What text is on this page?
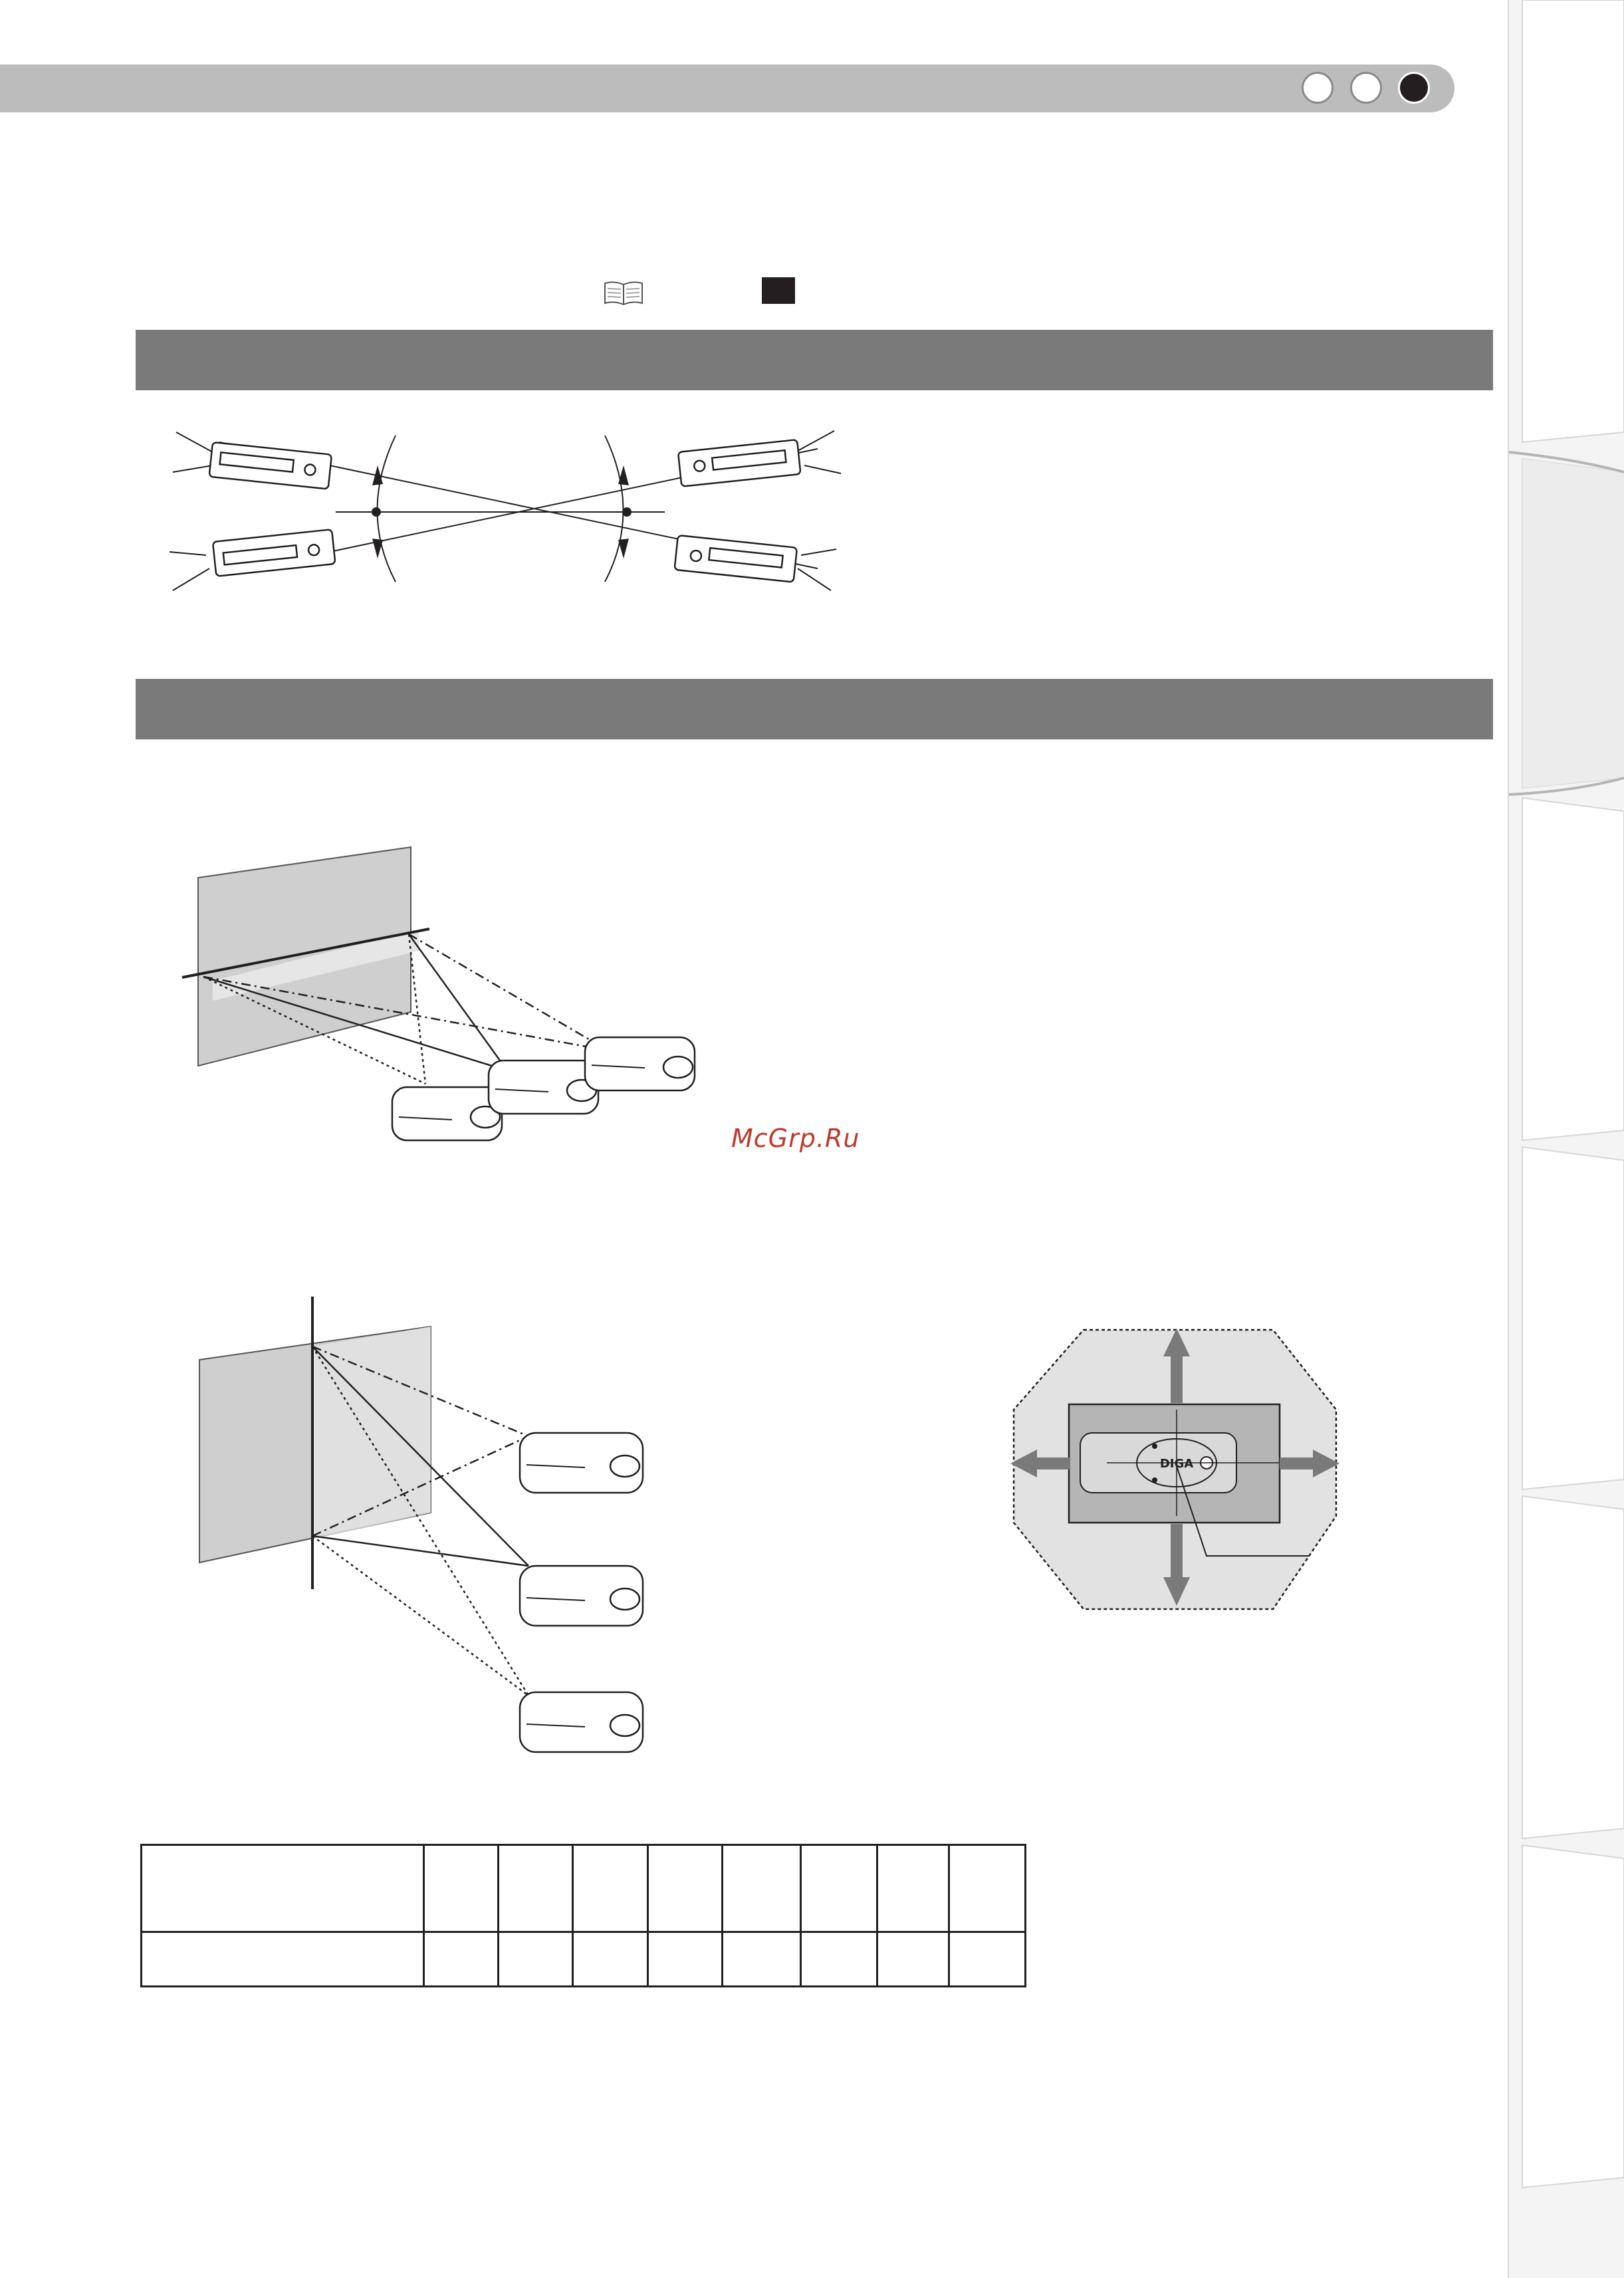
McGrp.Ru
DIGA
